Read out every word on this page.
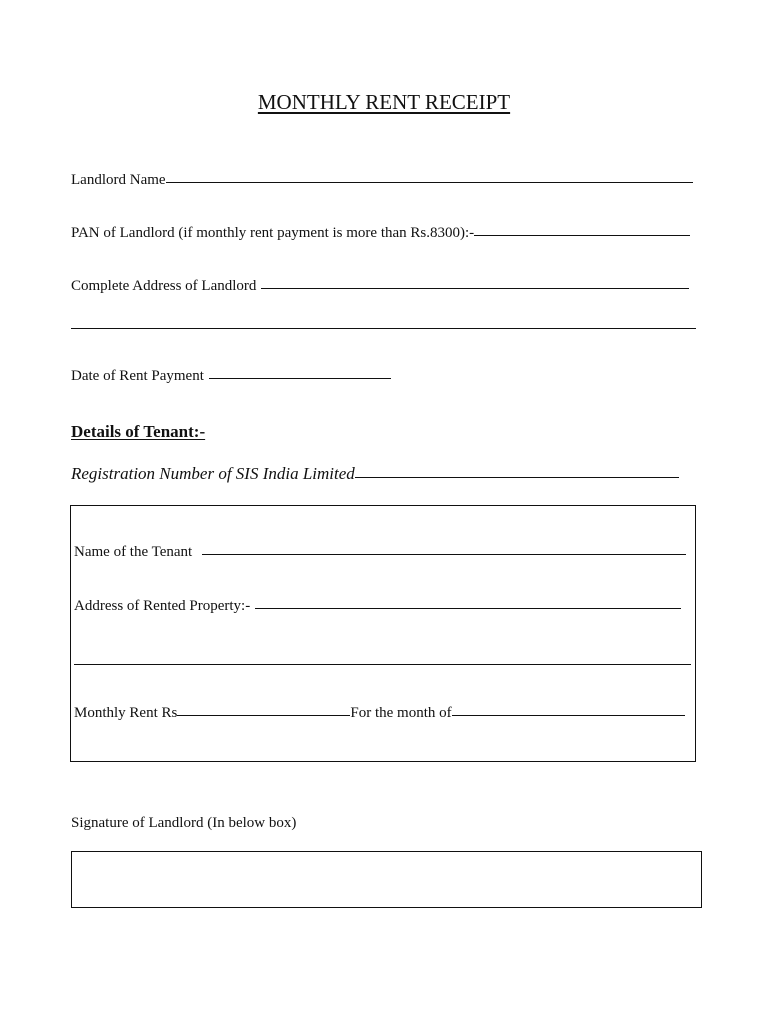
MONTHLY RENT RECEIPT
Landlord Name
PAN of Landlord (if monthly rent payment is more than Rs.8300):-
Complete Address of Landlord
Date of Rent Payment
Details of Tenant:-
Registration Number of SIS India Limited
Name of the Tenant
Address of Rented Property:-
Monthly Rent Rs	For the month of
Signature of Landlord (In below box)
